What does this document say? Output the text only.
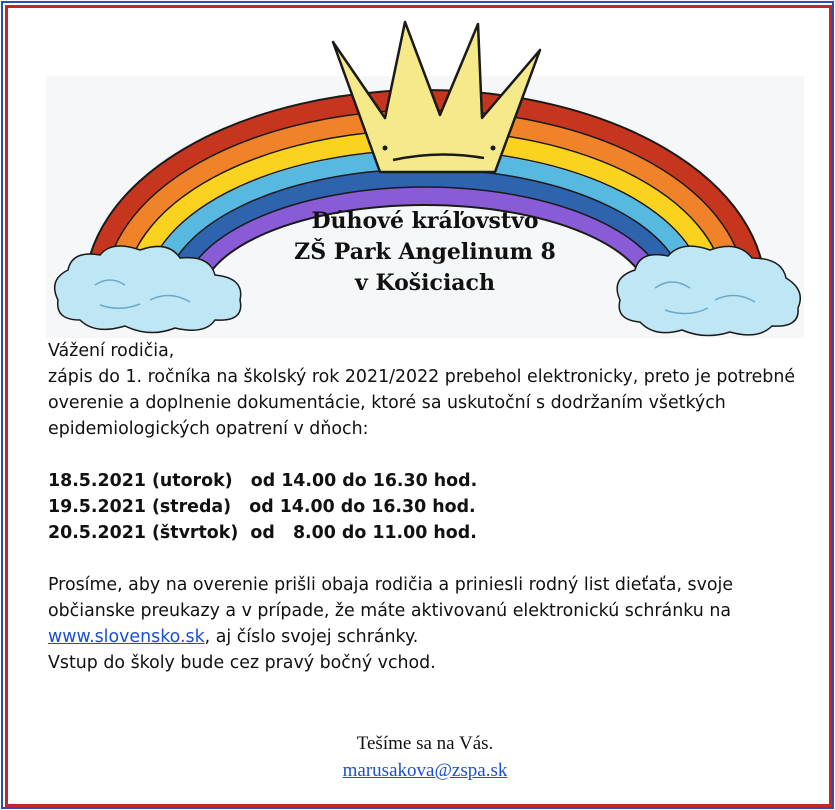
Dúhové kráľovstvo
ZŠ Park Angelinum 8
v Košiciach

Vážení rodičia,

zápis do 1. ročníka na školský rok 2021/2022 prebehol elektronicky, preto je potrebné overenie a doplnenie dokumentácie, ktoré sa uskutoční s dodržaním všetkých epidemiologických opatrení v dňoch:

18.5.2021 (utorok)   od 14.00 do 16.30 hod.

19.5.2021 (streda)   od 14.00 do 16.30 hod.

20.5.2021 (štvrtok)  od   8.00 do 11.00 hod.

Prosíme, aby na overenie prišli obaja rodičia a priniesli rodný list dieťaťa, svoje občianske preukazy a v prípade, že máte aktivovanú elektronickú schránku na www.slovensko.sk, aj číslo svojej schránky.

Vstup do školy bude cez pravý bočný vchod.

Tešíme sa na Vás.
marusakova@zspa.sk
